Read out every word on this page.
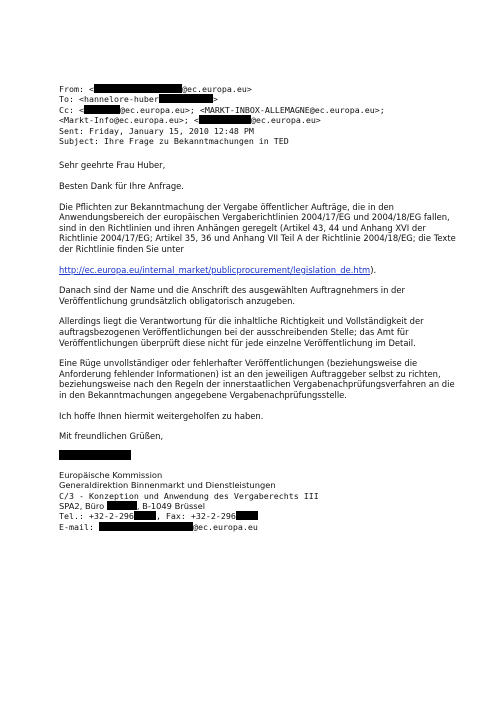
From: <	@ec.europa.eu>
To: <hannelore-huber	>
Cc: <	@ec.europa.eu>; <MARKT-INBOX-ALLEMAGNE@ec.europa.eu>;
<Markt-Info@ec.europa.eu>; <	@ec.europa.eu>
Sent: Friday, January 15, 2010 12:48 PM
Subject: Ihre Frage zu Bekanntmachungen in TED

Sehr geehrte Frau Huber,

Besten Dank für Ihre Anfrage.

Die Pflichten zur Bekanntmachung der Vergabe öffentlicher Aufträge, die in den Anwendungsbereich der europäischen Vergaberichtlinien 2004/17/EG und 2004/18/EG fallen, sind in den Richtlinien und ihren Anhängen geregelt (Artikel 43, 44 und Anhang XVI der Richtlinie 2004/17/EG; Artikel 35, 36 und Anhang VII Teil A der Richtlinie 2004/18/EG; die Texte der Richtlinie finden Sie unter

http://ec.europa.eu/internal_market/publicprocurement/legislation_de.htm).

Danach sind der Name und die Anschrift des ausgewählten Auftragnehmers in der Veröffentlichung grundsätzlich obligatorisch anzugeben.

Allerdings liegt die Verantwortung für die inhaltliche Richtigkeit und Vollständigkeit der auftragsbezogenen Veröffentlichungen bei der ausschreibenden Stelle; das Amt für Veröffentlichungen überprüft diese nicht für jede einzelne Veröffentlichung im Detail.

Eine Rüge unvollständiger oder fehlerhafter Veröffentlichungen (beziehungsweise die Anforderung fehlender Informationen) ist an den jeweiligen Auftraggeber selbst zu richten, beziehungsweise nach den Regeln der innerstaatlichen Vergabenachprüfungsverfahren an die in den Bekanntmachungen angegebene Vergabenachprüfungsstelle.

Ich hoffe Ihnen hiermit weitergeholfen zu haben.

Mit freundlichen Grüßen,

Europäische Kommission
Generaldirektion Binnenmarkt und Dienstleistungen
C/3 - Konzeption und Anwendung des Vergaberechts III
SPA2, Büro	, B-1049 Brüssel
Tel.: +32-2-296	, Fax: +32-2-296
E-mail:	@ec.europa.eu
